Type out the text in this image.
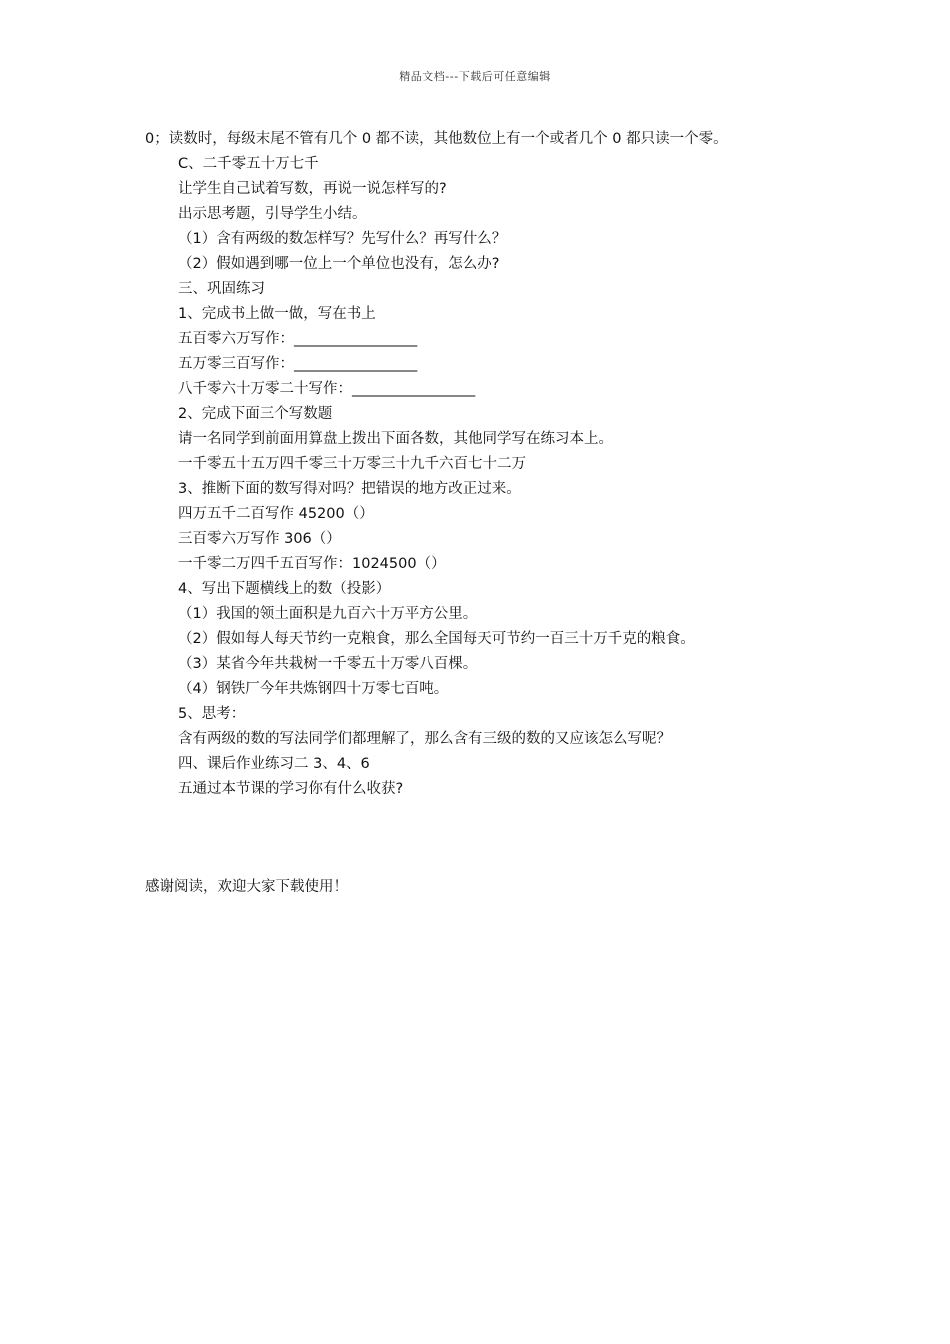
精品文档---下载后可任意编辑
0；读数时，每级末尾不管有几个 0 都不读，其他数位上有一个或者几个 0 都只读一个零。
C、二千零五十万七千
让学生自己试着写数，再说一说怎样写的?
出示思考题，引导学生小结。
（1）含有两级的数怎样写？先写什么？再写什么？
（2）假如遇到哪一位上一个单位也没有，怎么办?
三、巩固练习
1、完成书上做一做，写在书上
五百零六万写作：_________________
五万零三百写作：_________________
八千零六十万零二十写作：_________________
2、完成下面三个写数题
请一名同学到前面用算盘上拨出下面各数，其他同学写在练习本上。
一千零五十五万四千零三十万零三十九千六百七十二万
3、推断下面的数写得对吗？把错误的地方改正过来。
四万五千二百写作 45200（）
三百零六万写作 306（）
一千零二万四千五百写作：1024500（）
4、写出下题横线上的数（投影）
（1）我国的领土面积是九百六十万平方公里。
（2）假如每人每天节约一克粮食，那么全国每天可节约一百三十万千克的粮食。
（3）某省今年共栽树一千零五十万零八百棵。
（4）钢铁厂今年共炼钢四十万零七百吨。
5、思考：
含有两级的数的写法同学们都理解了，那么含有三级的数的又应该怎么写呢？
四、课后作业练习二 3、4、6
五通过本节课的学习你有什么收获?
感谢阅读，欢迎大家下载使用！
